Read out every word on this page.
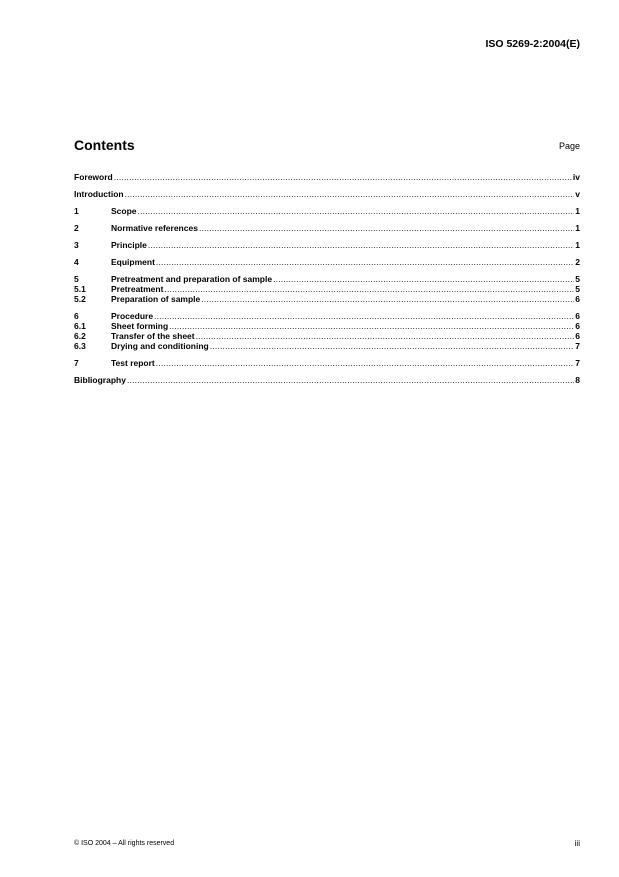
ISO 5269-2:2004(E)
Contents	Page
Foreword .....	iv
Introduction .....	v
1	Scope .....	1
2	Normative references .....	1
3	Principle .....	1
4	Equipment .....	2
5	Pretreatment and preparation of sample .....	5
5.1	Pretreatment .....	5
5.2	Preparation of sample .....	6
6	Procedure .....	6
6.1	Sheet forming .....	6
6.2	Transfer of the sheet .....	6
6.3	Drying and conditioning .....	7
7	Test report .....	7
Bibliography .....	8
© ISO 2004 – All rights reserved	iii
